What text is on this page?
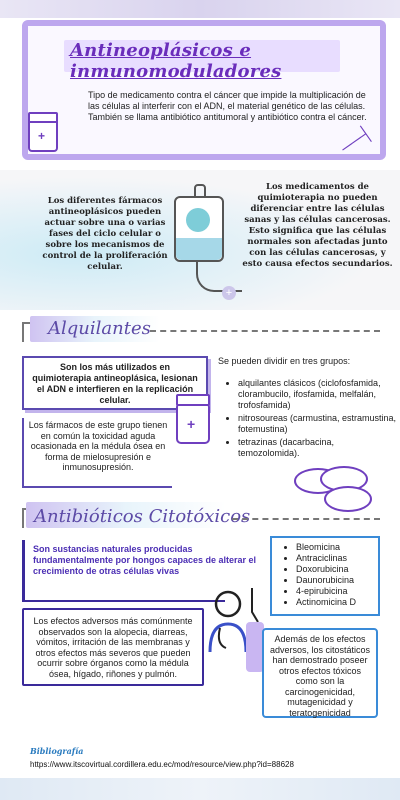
Antineoplásicos e inmunomoduladores
Tipo de medicamento contra el cáncer que impide la multiplicación de las células al interferir con el ADN, el material genético de las células. También se llama antibiótico antitumoral y antibiótico contra el cáncer.
+	──┤
Los diferentes fármacos antineoplásicos pueden actuar sobre una o varias fases del ciclo celular o sobre los mecanismos de control de la proliferación celular.
+
Los medicamentos de quimioterapia no pueden diferenciar entre las células sanas y las células cancerosas. Esto significa que las células normales son afectadas junto con las células cancerosas, y esto causa efectos secundarios.
Alquilantes
Son los más utilizados en quimioterapia antineoplásica, lesionan el ADN e interfieren en la replicación celular.
Los fármacos de este grupo tienen en común la toxicidad aguda ocasionada en la médula ósea en forma de mielosupresión e inmunosupresión.
+
Se pueden dividir en tres grupos:
• alquilantes clásicos (ciclofosfamida, clorambucilo, ifosfamida, melfalán, trofosfamida)
• nitrosoureas (carmustina, estramustina, fotemustina)
• tetrazinas (dacarbacina, temozolomida).
Antibióticos Citotóxicos
Son sustancias naturales producidas fundamentalmente por hongos capaces de alterar el crecimiento de otras células vivas
Los efectos adversos más comúnmente observados son la alopecia, diarreas, vómitos, irritación de las membranas y otros efectos más severos que pueden ocurrir sobre órganos como la médula ósea, hígado, riñones y pulmón.
• Bleomicina
• Antraciclinas
• Doxorubicina
• Daunorubicina
• 4-epirubicina
• Actinomicina D
Además de los efectos adversos, los citostáticos han demostrado poseer otros efectos tóxicos como son la carcinogenicidad, mutagenicidad y teratogenicidad
Bibliografía
https://www.itscovirtual.cordillera.edu.ec/mod/resource/view.php?id=88628
